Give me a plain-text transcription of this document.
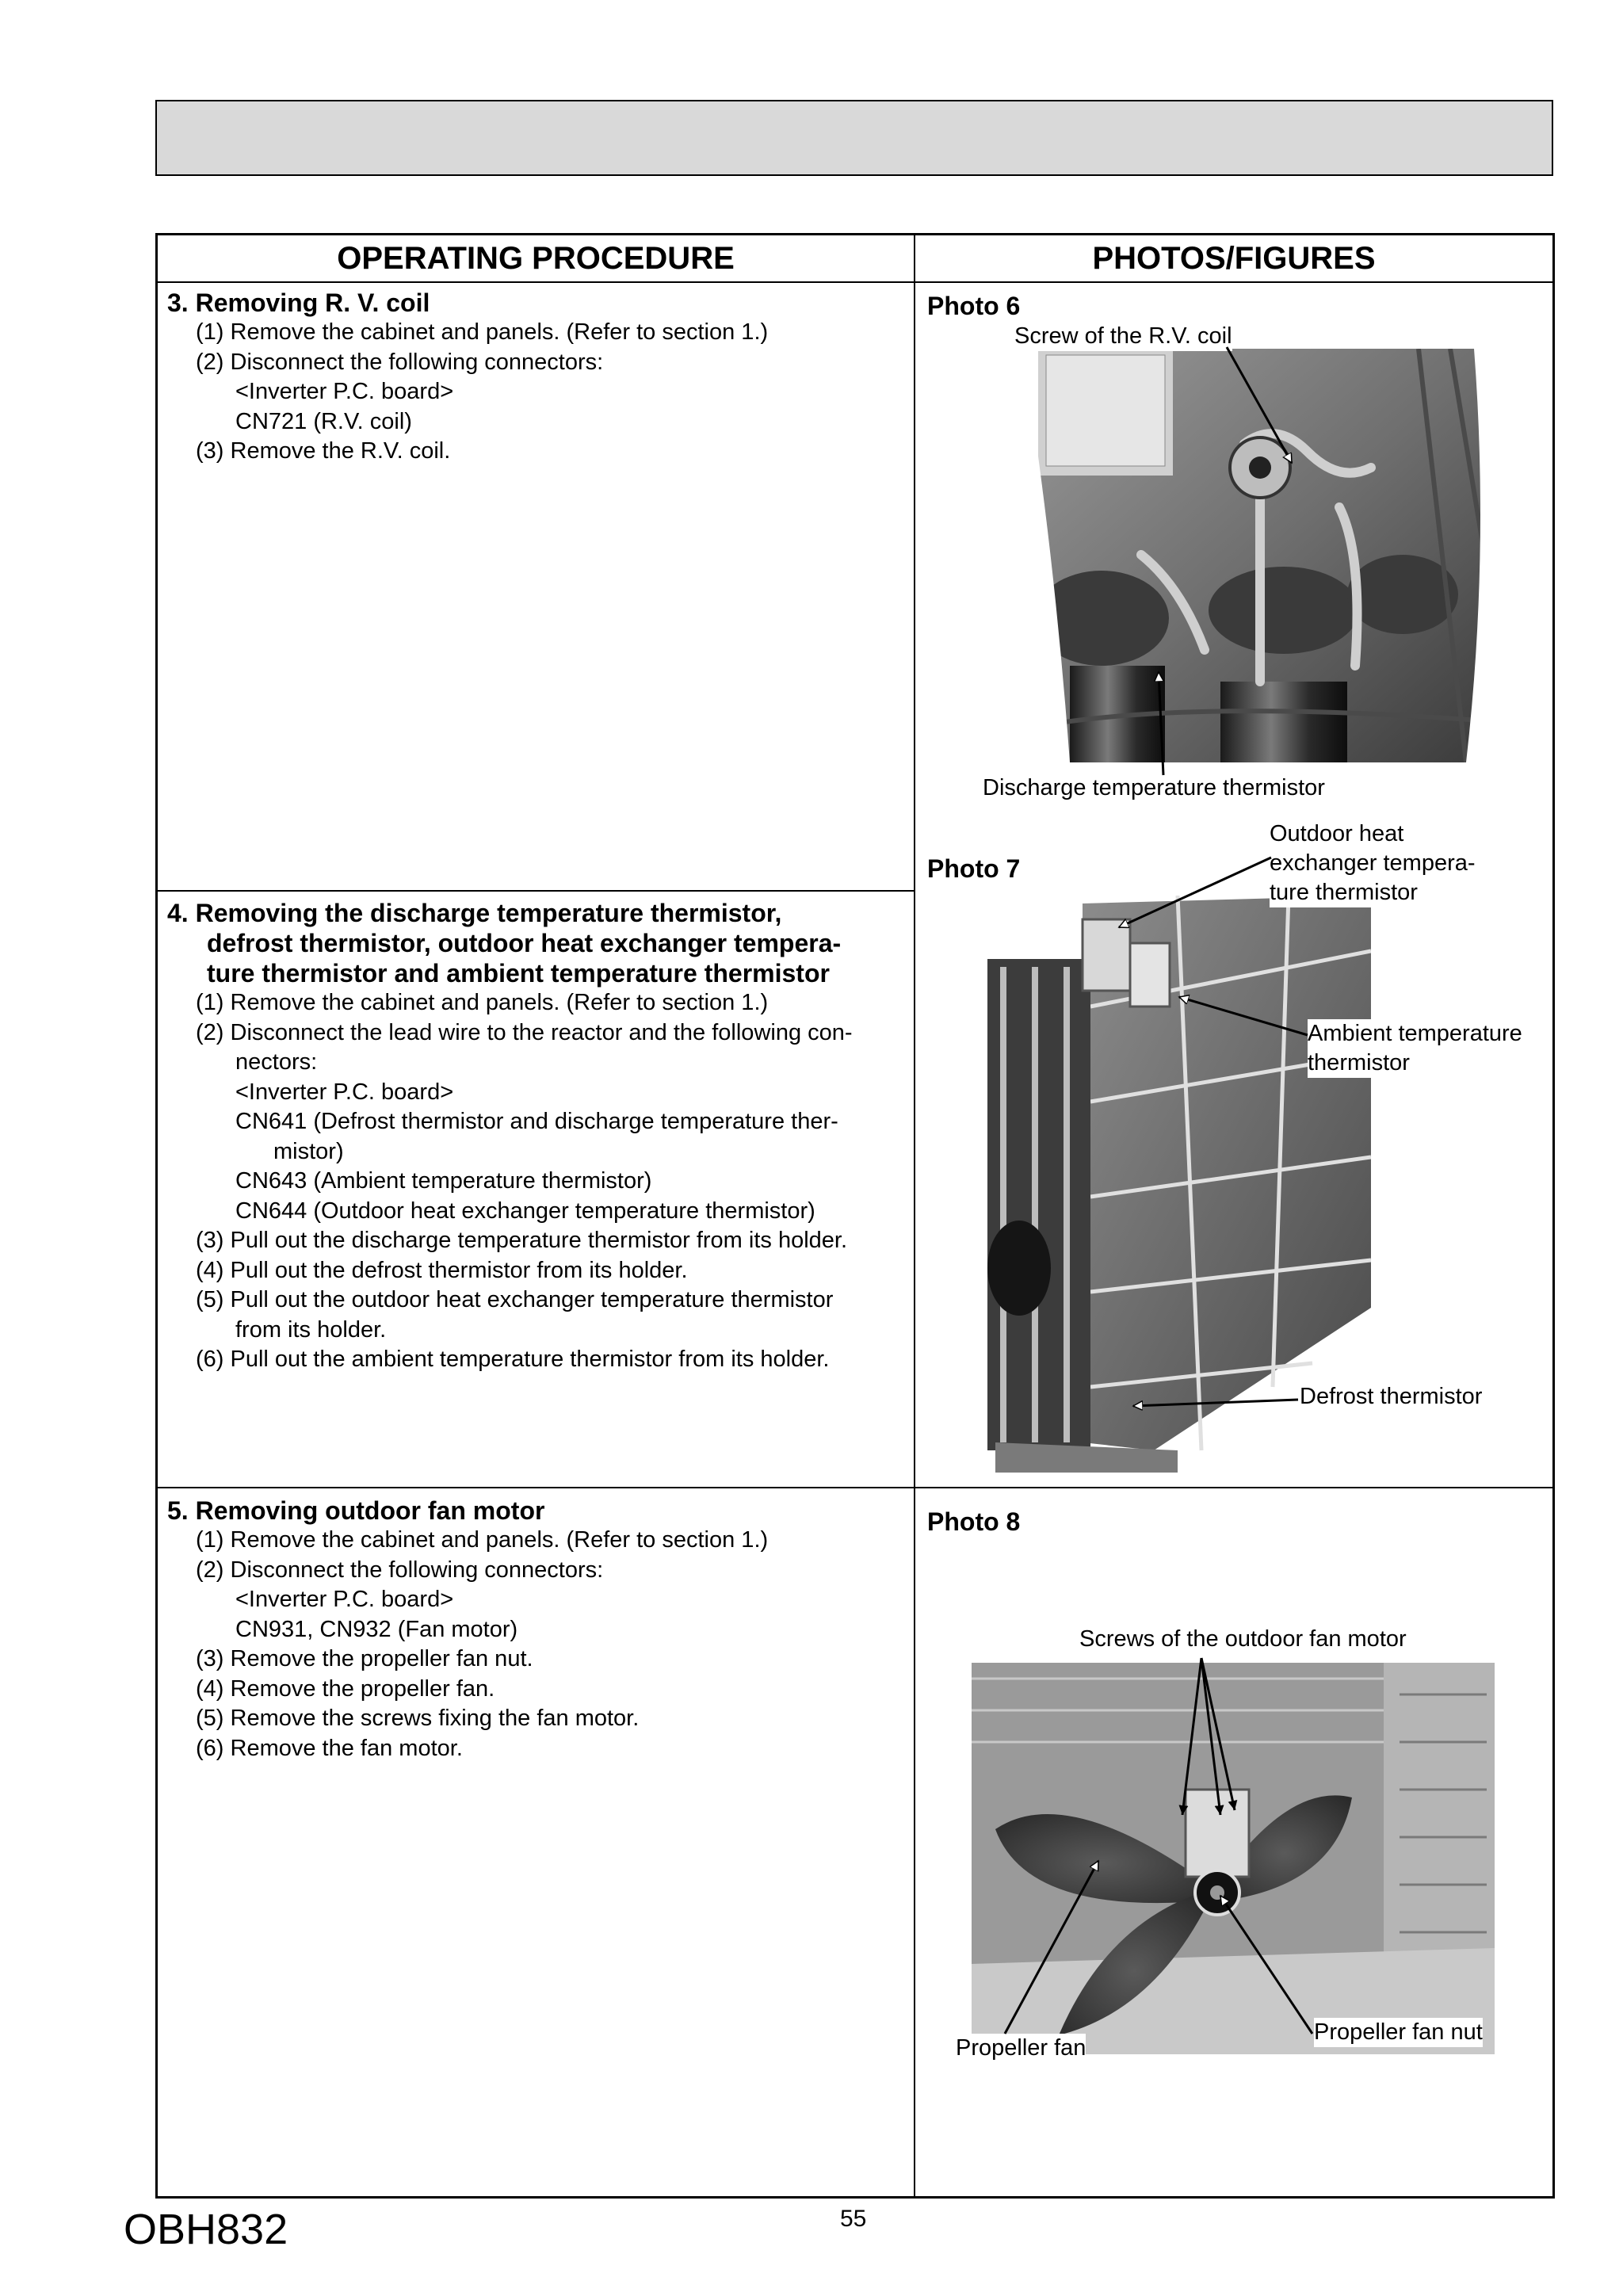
OPERATING PROCEDURE	PHOTOS/FIGURES
3. Removing R. V. coil
(1) Remove the cabinet and panels. (Refer to section 1.)
(2) Disconnect the following connectors:
<Inverter P.C. board>
CN721 (R.V. coil)
(3) Remove the R.V. coil.
4. Removing the discharge temperature thermistor,
defrost thermistor, outdoor heat exchanger tempera-
ture thermistor and ambient temperature thermistor
(1) Remove the cabinet and panels. (Refer to section 1.)
(2) Disconnect the lead wire to the reactor and the following con-
nectors:
<Inverter P.C. board>
CN641 (Defrost thermistor and discharge temperature ther-
mistor)
CN643 (Ambient temperature thermistor)
CN644 (Outdoor heat exchanger temperature thermistor)
(3) Pull out the discharge temperature thermistor from its holder.
(4) Pull out the defrost thermistor from its holder.
(5) Pull out the outdoor heat exchanger temperature thermistor
from its holder.
(6) Pull out the ambient temperature thermistor from its holder.
5. Removing outdoor fan motor
(1) Remove the cabinet and panels. (Refer to section 1.)
(2) Disconnect the following connectors:
<Inverter P.C. board>
CN931, CN932 (Fan motor)
(3) Remove the propeller fan nut.
(4) Remove the propeller fan.
(5) Remove the screws fixing the fan motor.
(6) Remove the fan motor.
Photo 6
Photo 7
Photo 8
Screw of the R.V. coil
Discharge temperature thermistor
Outdoor heat
exchanger tempera-
ture thermistor
Ambient temperature
thermistor
Defrost thermistor
Screws of the outdoor fan motor
Propeller fan
Propeller fan nut
OBH832	55
